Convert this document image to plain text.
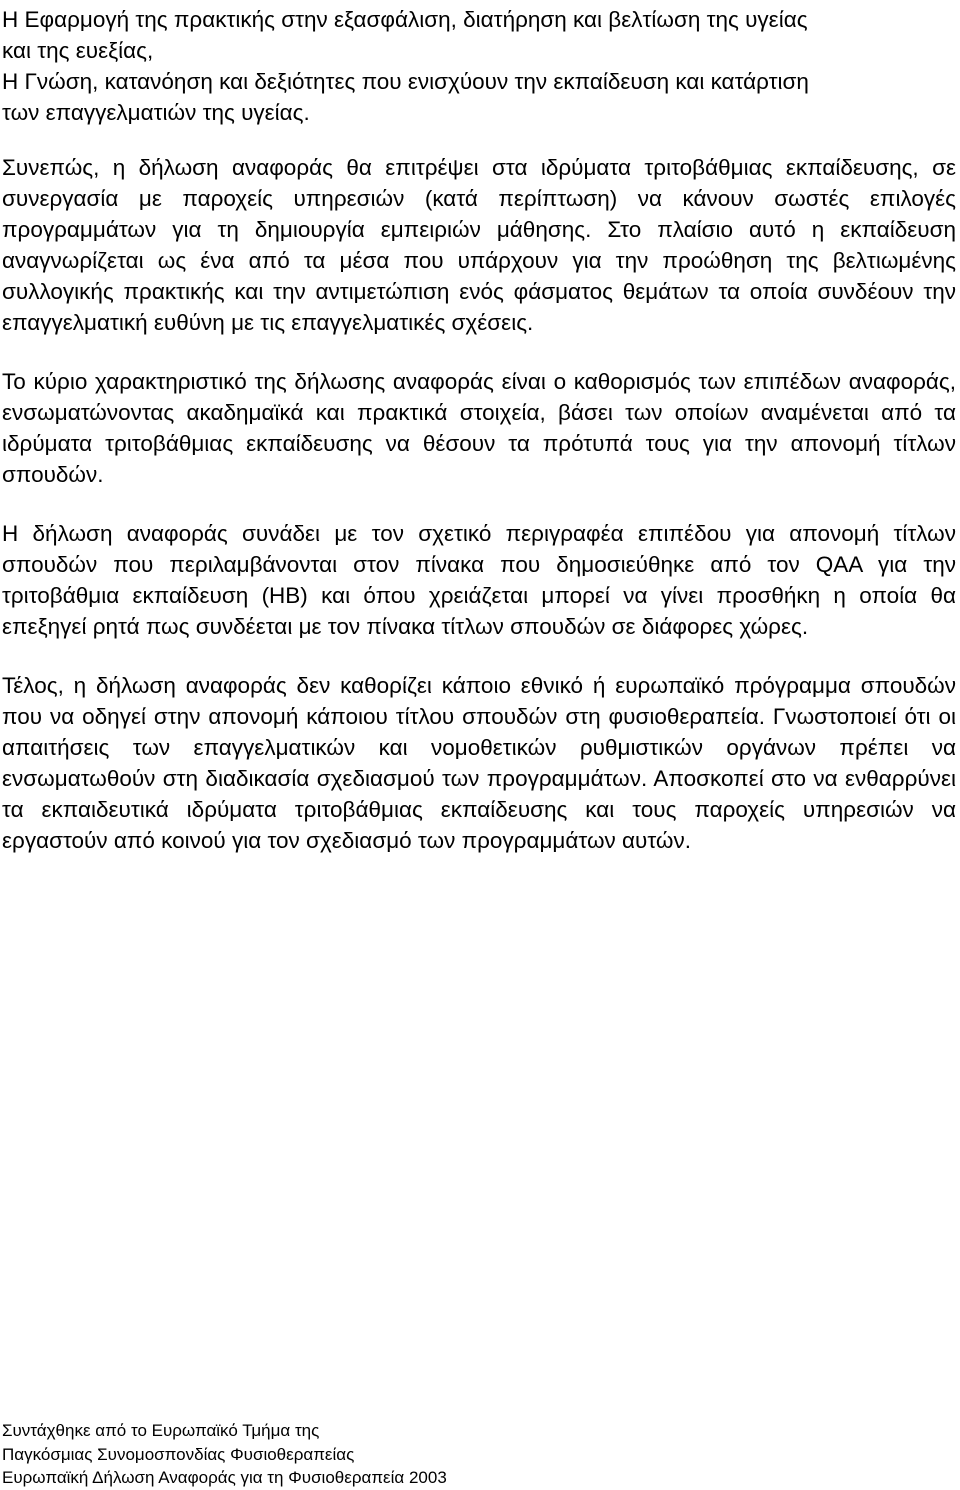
Η Εφαρμογή της πρακτικής στην εξασφάλιση, διατήρηση και βελτίωση της υγείας
και της ευεξίας,
Η Γνώση, κατανόηση και δεξιότητες που ενισχύουν την εκπαίδευση και κατάρτιση
των επαγγελματιών της υγείας.

Συνεπώς, η δήλωση αναφοράς θα επιτρέψει στα ιδρύματα τριτοβάθμιας εκπαίδευσης, σε συνεργασία με παροχείς υπηρεσιών (κατά περίπτωση) να κάνουν σωστές επιλογές προγραμμάτων για τη δημιουργία εμπειριών μάθησης. Στο πλαίσιο αυτό η εκπαίδευση αναγνωρίζεται ως ένα από τα μέσα που υπάρχουν για την προώθηση της βελτιωμένης συλλογικής πρακτικής και την αντιμετώπιση ενός φάσματος θεμάτων τα οποία συνδέουν την επαγγελματική ευθύνη με τις επαγγελματικές σχέσεις.

Το κύριο χαρακτηριστικό της δήλωσης αναφοράς είναι ο καθορισμός των επιπέδων αναφοράς, ενσωματώνοντας ακαδημαϊκά και πρακτικά στοιχεία, βάσει των οποίων αναμένεται από τα ιδρύματα τριτοβάθμιας εκπαίδευσης να θέσουν τα πρότυπά τους για την απονομή τίτλων σπουδών.

Η δήλωση αναφοράς συνάδει με τον σχετικό περιγραφέα επιπέδου για απονομή τίτλων σπουδών που περιλαμβάνονται στον πίνακα που δημοσιεύθηκε από τον QAA για την τριτοβάθμια εκπαίδευση (HB) και όπου χρειάζεται μπορεί να γίνει προσθήκη η οποία θα επεξηγεί ρητά πως συνδέεται με τον πίνακα τίτλων σπουδών σε διάφορες χώρες.

Τέλος, η δήλωση αναφοράς δεν καθορίζει κάποιο εθνικό ή ευρωπαϊκό πρόγραμμα σπουδών που να οδηγεί στην απονομή κάποιου τίτλου σπουδών στη φυσιοθεραπεία. Γνωστοποιεί ότι οι απαιτήσεις των επαγγελματικών και νομοθετικών ρυθμιστικών οργάνων πρέπει να ενσωματωθούν στη διαδικασία σχεδιασμού των προγραμμάτων. Αποσκοπεί στο να ενθαρρύνει τα εκπαιδευτικά ιδρύματα τριτοβάθμιας εκπαίδευσης και τους παροχείς υπηρεσιών να εργαστούν από κοινού για τον σχεδιασμό των προγραμμάτων αυτών.

Συντάχθηκε από το Ευρωπαϊκό Τμήμα της
Παγκόσμιας Συνομοσπονδίας Φυσιοθεραπείας
Ευρωπαϊκή Δήλωση Αναφοράς για τη Φυσιοθεραπεία 2003
